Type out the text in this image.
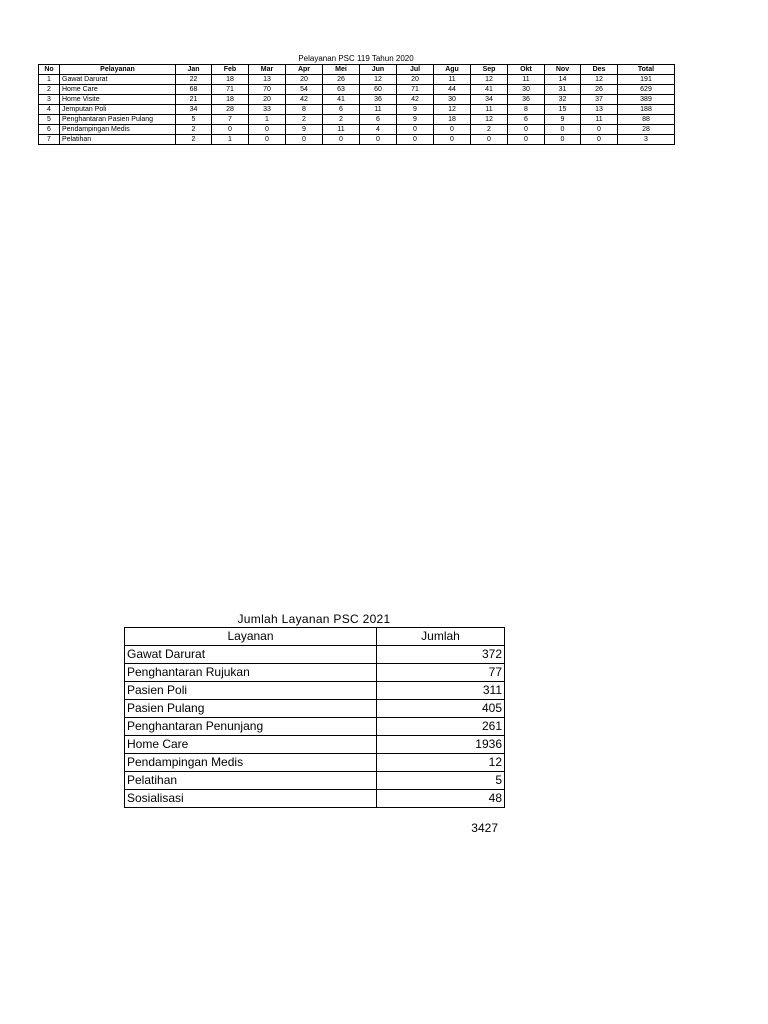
Pelayanan PSC 119 Tahun 2020
No	Pelayanan	Jan	Feb	Mar	Apr	Mei	Jun	Jul	Agu	Sep	Okt	Nov	Des	Total
1	Gawat Darurat	22	18	13	20	26	12	20	11	12	11	14	12	191
2	Home Care	68	71	70	54	63	60	71	44	41	30	31	26	629
3	Home Visite	21	18	20	42	41	36	42	30	34	36	32	37	389
4	Jemputan Poli	34	28	33	8	6	11	9	12	11	8	15	13	188
5	Penghantaran Pasien Pulang	5	7	1	2	2	6	9	18	12	6	9	11	88
6	Pendampingan Medis	2	0	0	9	11	4	0	0	2	0	0	0	28
7	Pelatihan	2	1	0	0	0	0	0	0	0	0	0	0	3
Jumlah Layanan PSC 2021
Layanan	Jumlah
Gawat Darurat	372
Penghantaran Rujukan	77
Pasien Poli	311
Pasien Pulang	405
Penghantaran Penunjang	261
Home Care	1936
Pendampingan Medis	12
Pelatihan	5
Sosialisasi	48
3427
